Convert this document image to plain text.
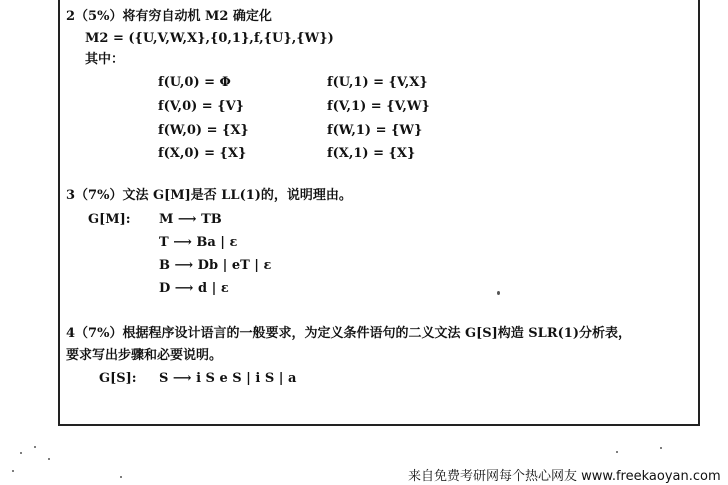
2（5%）将有穷自动机 M2 确定化
M2 = ({U,V,W,X},{0,1},f,{U},{W})
其中：
f(U,0) = Φ
f(V,0) = {V}
f(W,0) = {X}
f(X,0) = {X}
f(U,1) = {V,X}
f(V,1) = {V,W}
f(W,1) = {W}
f(X,1) = {X}
3（7%）文法 G[M]是否 LL(1)的，说明理由。
G[M]: M ⟶ TB
T ⟶ Ba | ε
B ⟶ Db | eT | ε
D ⟶ d | ε
4（7%）根据程序设计语言的一般要求，为定义条件语句的二义文法 G[S]构造 SLR(1)分析表，
要求写出步骤和必要说明。
G[S]: S ⟶ i S e S | i S | a
来自免费考研网每个热心网友 www.freekaoyan.com
